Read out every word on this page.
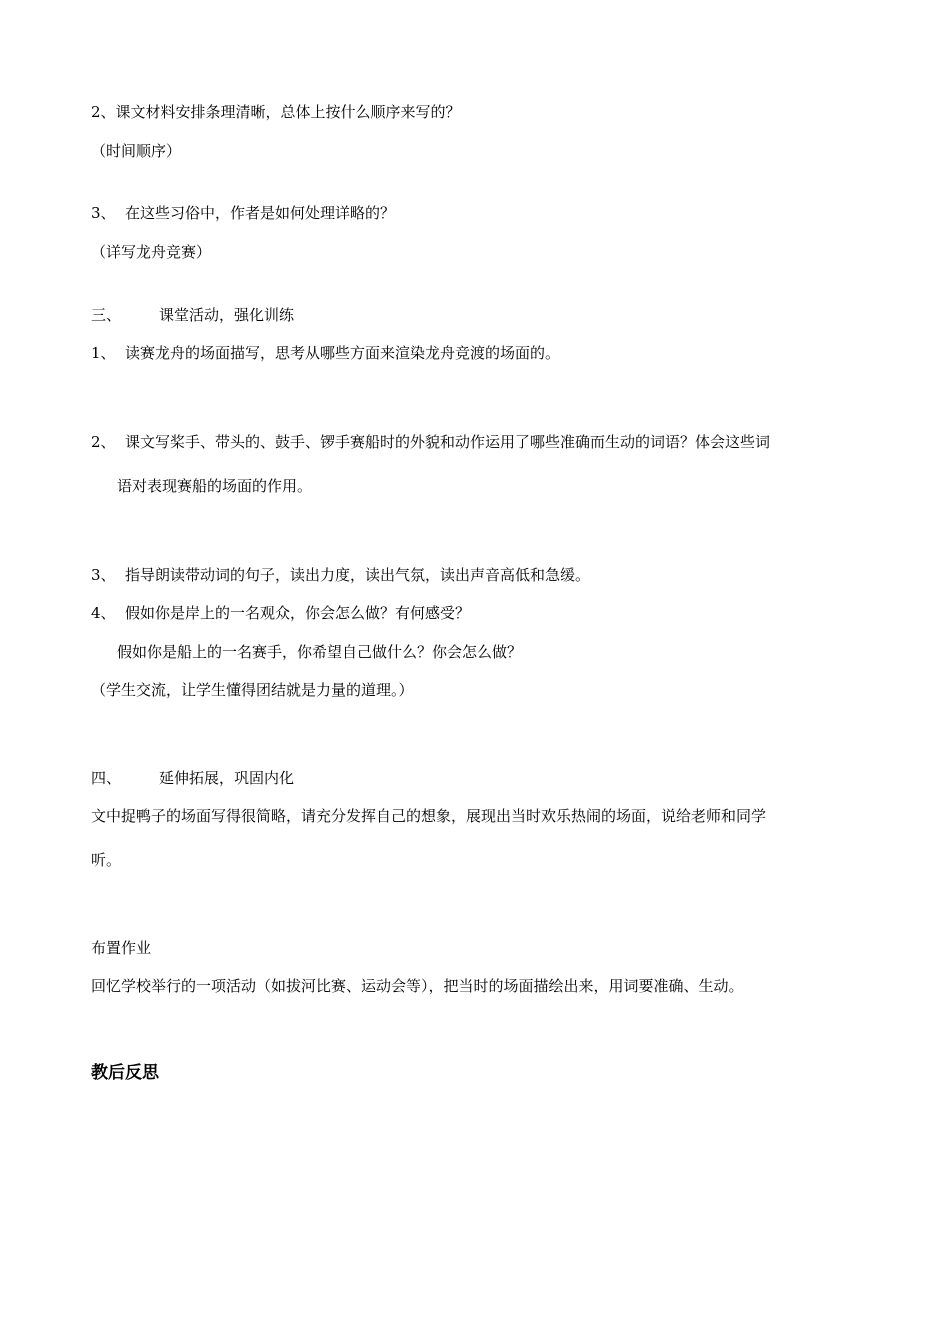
2、课文材料安排条理清晰，总体上按什么顺序来写的？
（时间顺序）
3、 在这些习俗中，作者是如何处理详略的？
（详写龙舟竞赛）
三、	课堂活动，强化训练
1、 读赛龙舟的场面描写，思考从哪些方面来渲染龙舟竞渡的场面的。
2、 课文写桨手、带头的、鼓手、锣手赛船时的外貌和动作运用了哪些准确而生动的词语？体会这些词
语对表现赛船的场面的作用。
3、 指导朗读带动词的句子，读出力度，读出气氛，读出声音高低和急缓。
4、 假如你是岸上的一名观众，你会怎么做？有何感受？
假如你是船上的一名赛手，你希望自己做什么？你会怎么做？
（学生交流，让学生懂得团结就是力量的道理。）
四、	延伸拓展，巩固内化
文中捉鸭子的场面写得很简略，请充分发挥自己的想象，展现出当时欢乐热闹的场面，说给老师和同学
听。
布置作业
回忆学校举行的一项活动（如拔河比赛、运动会等），把当时的场面描绘出来，用词要准确、生动。
教后反思
